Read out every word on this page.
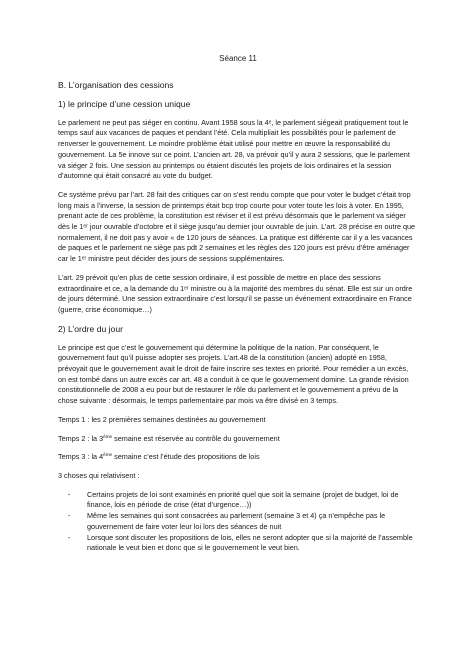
Séance 11
B. L’organisation des cessions
1) le principe d’une cession unique

Le parlement ne peut pas siéger en continu. Avant 1958 sous la 4ᵉ, le parlement siégeait pratiquement tout le temps sauf aux vacances de paques et pendant l’été. Cela multipliait les possibilités pour le parlement de renverser le gouvernement. Le moindre problème était utilisé pour mettre en œuvre la responsabilité du gouvernement. La 5e innove sur ce point. L’ancien art. 28, va prévoir qu’il y aura 2 sessions, que le parlement va siéger 2 fois. Une session au printemps ou étaient discutés les projets de lois ordinaires et la session d’automne qui était consacré au vote du budget.

Ce système prévu par l’art. 28 fait des critiques car on s’est rendu compte que pour voter le budget c’était trop long mais a l’inverse, la session de printemps était bcp trop courte pour voter toute les lois à voter. En 1995, prenant acte de ces problème, la constitution est réviser et il est prévu désormais que le parlement va siéger dès le 1ᵉʳ jour ouvrable d’octobre et il siège jusqu’au dernier jour ouvrable de juin. L’art. 28 précise en outre que normalement, il ne doit pas y avoir « de 120 jours de séances. La pratique est différente car il y a les vacances de paques et le parlement ne siège pas pdt 2 semaines et les règles des 120 jours est prévu d’être aménager car le 1ᵉʳ ministre peut décider des jours de sessions supplémentaires.

L’art. 29 prévoit qu’en plus de cette session ordinaire, il est possible de mettre en place des sessions extraordinaire et ce, a la demande du 1ᵉʳ ministre ou à la majorité des membres du sénat. Elle est sur un ordre de jours déterminé. Une session extraordinaire c’est lorsqu’il se passe un événement extraordinaire en France (guerre, crise économique…)

2) L’ordre du jour

Le principe est que c’est le gouvernement qui détermine la politique de la nation. Par conséquent, le gouvernement faut qu’il puisse adopter ses projets. L’art.48 de la constitution (ancien) adopté en 1958, prévoyait que le gouvernement avait le droit de faire inscrire ses textes en priorité. Pour remédier a un excès, on est tombé dans un autre excès car art. 48 a conduit à ce que le gouvernement domine. La grande révision constitutionnelle de 2008 a eu pour but de restaurer le rôle du parlement et le gouvernement a prévu de la chose suivante : désormais, le temps parlementaire par mois va être divisé en 3 temps.

Temps 1 : les 2 premières semaines destinées au gouvernement
Temps 2 : la 3ème semaine est réservée au contrôle du gouvernement
Temps 3 : la 4ème semaine c’est l’étude des propositions de lois

3 choses qui relativisent :

- Certains projets de loi sont examinés en priorité quel que soit la semaine (projet de budget, loi de finance, lois en période de crise (état d’urgence…))
- Même les semaines qui sont consacrées au parlement (semaine 3 et 4) ça n’empêche pas le gouvernement de faire voter leur loi lors des séances de nuit
- Lorsque sont discuter les propositions de lois, elles ne seront adopter que si la majorité de l’assemble nationale le veut bien et donc que si le gouvernement le veut bien.
